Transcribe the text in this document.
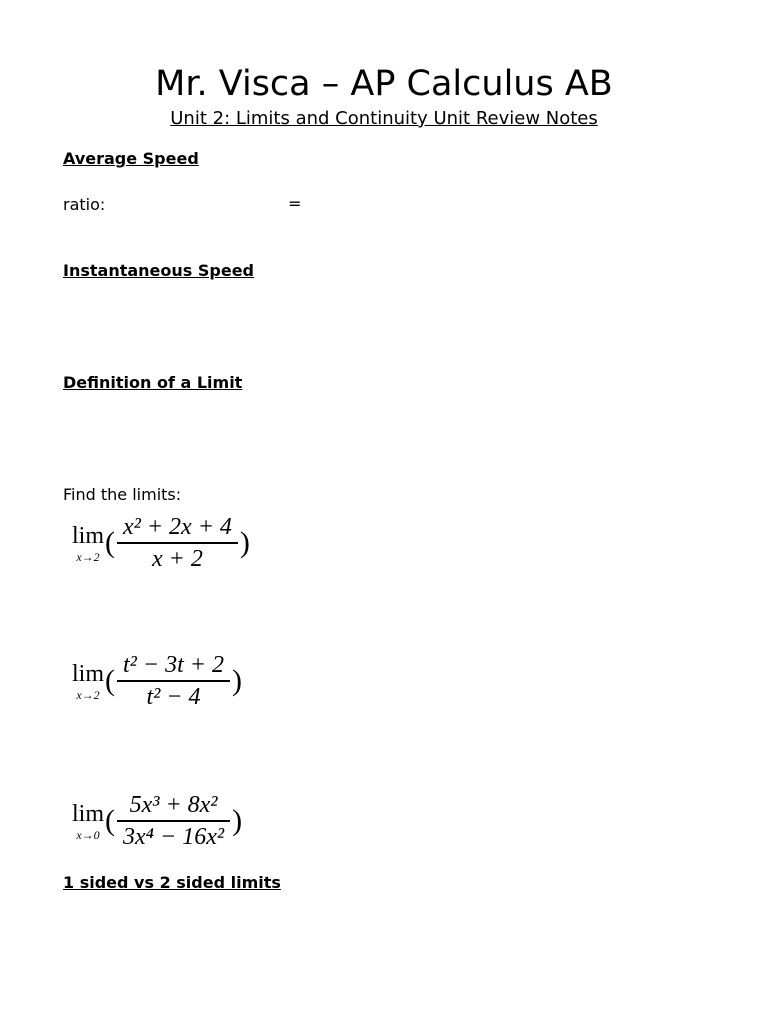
Mr. Visca – AP Calculus AB
Unit 2: Limits and Continuity Unit Review Notes
Average Speed
ratio:	=
Instantaneous Speed
Definition of a Limit
Find the limits:
lim
x→2 ( $\frac{\text{x² + 2x + 4}}{x + 2}$ )
lim
x→2 ( $\frac{\text{t² − 3t + 2}}{\text{t² − 4}}$ )
lim
x→0 ( $\frac{\text{5x³ + 8x²}}{\text{3x⁴ − 16x²}}$ )
1 sided vs 2 sided limits
